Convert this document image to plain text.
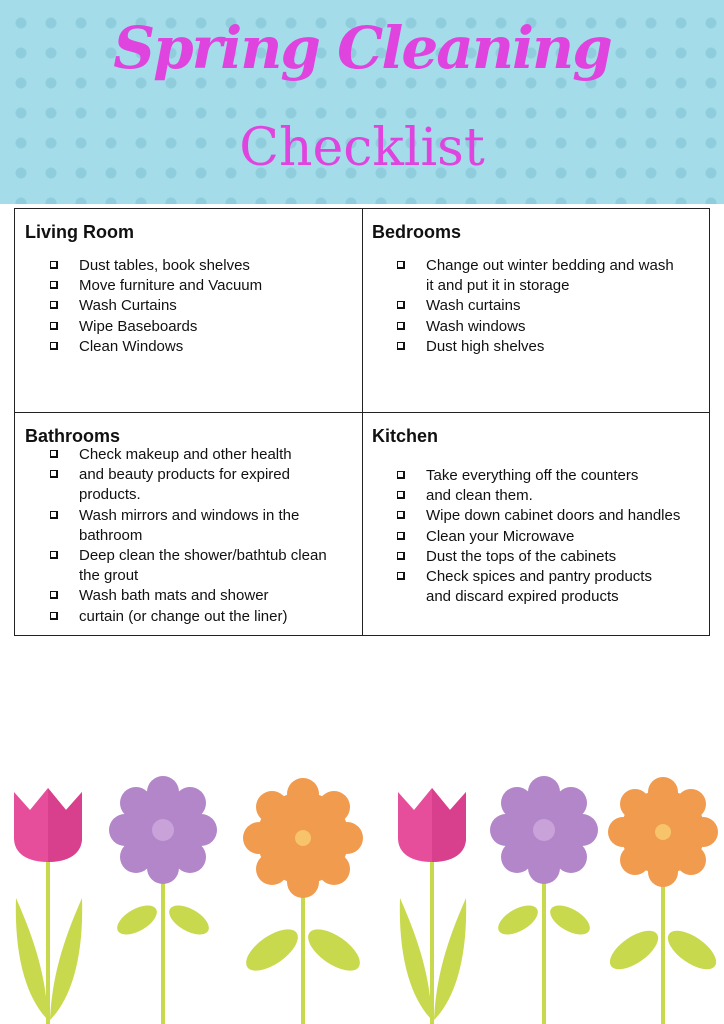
Spring Cleaning
Checklist
Living Room
Dust tables, book shelves
Move furniture and Vacuum
Wash Curtains
Wipe Baseboards
Clean Windows
Bedrooms
Change out winter bedding and wash
it and put it in storage
Wash curtains
Wash windows
Dust high shelves
Bathrooms
Check makeup and other health
and beauty products for expired
products.
Wash mirrors and windows in the
bathroom
Deep clean the shower/bathtub clean
the grout
Wash bath mats and shower
curtain (or change out the liner)
Kitchen
Take everything off the counters
and clean them.
Wipe down cabinet doors and handles
Clean your Microwave
Dust the tops of the cabinets
Check spices and pantry products
and discard expired products
